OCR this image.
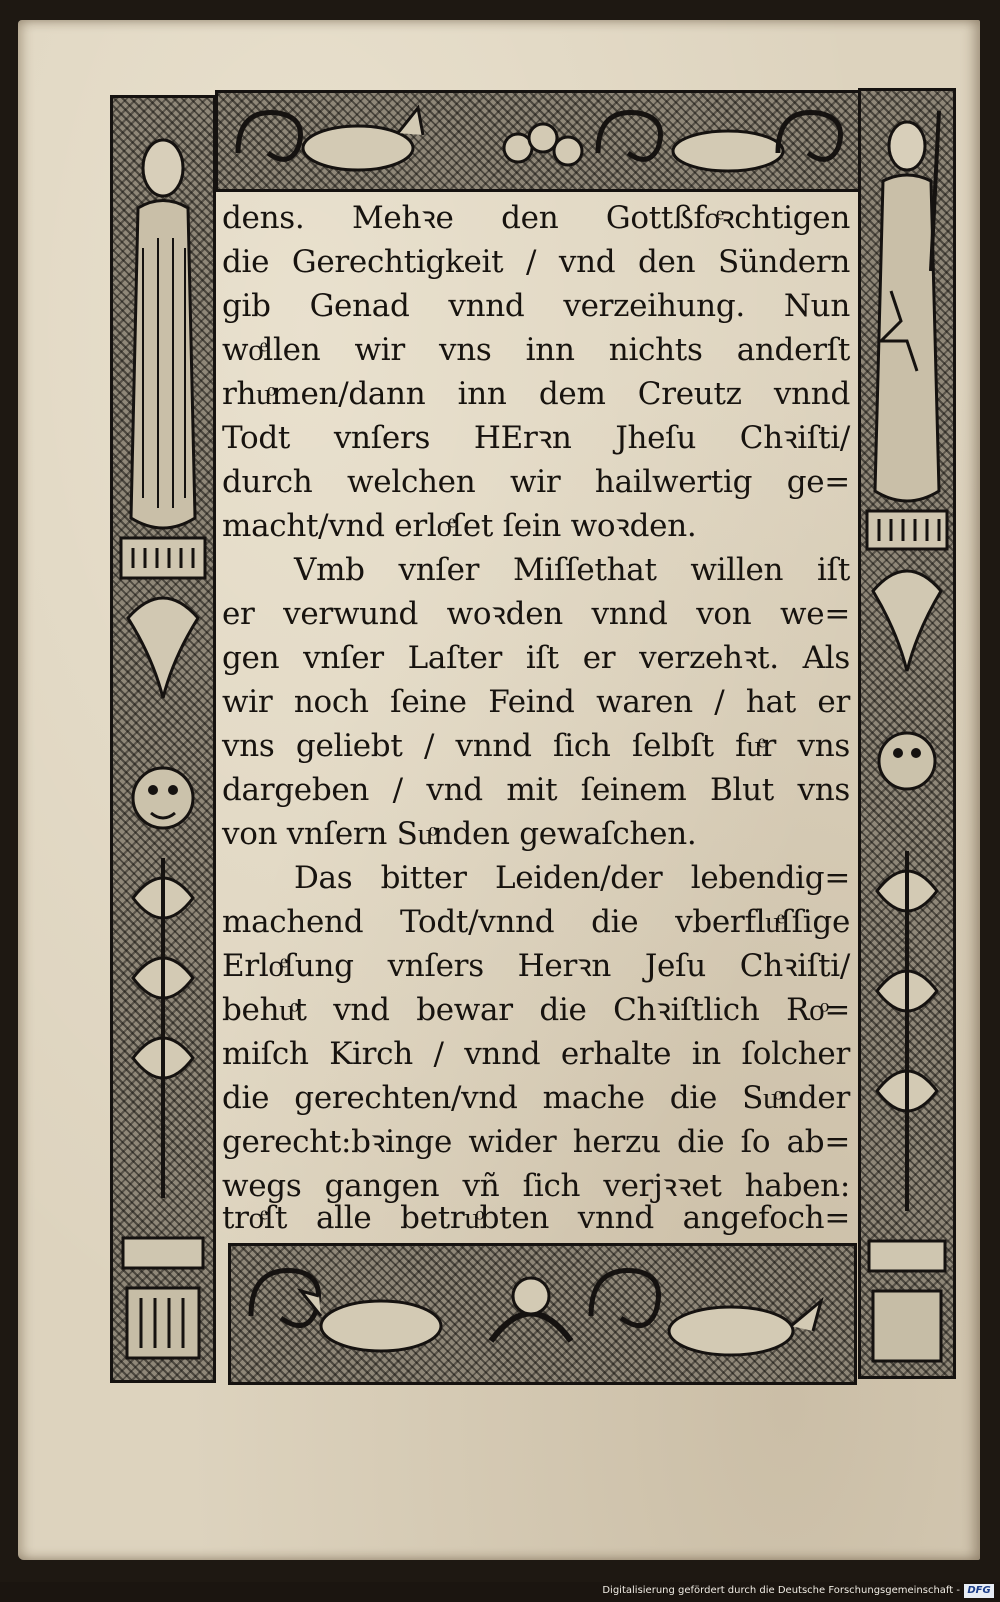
dens. Mehꝛe den Gottßfoͤꝛchtigen
die Gerechtigkeit / vnd den Sündern
gib Genad vnnd verzeihung. Nun
woͤllen wir vns inn nichts anderſt
rhuͦmen/dann inn dem Creutz vnnd
Todt vnſers HErꝛn Jheſu Chꝛiſti/
durch welchen wir hailwertig ge=
macht/vnd erloͤſet ſein woꝛden.
Vmb vnſer Miſſethat willen iſt
er verwund woꝛden vnnd von we=
gen vnſer Laſter iſt er verzehꝛt. Als
wir noch ſeine Feind waren / hat er
vns geliebt / vnnd ſich ſelbſt fuͤr vns
dargeben / vnd mit ſeinem Blut vns
von vnſern Suͦnden gewaſchen.
Das bitter Leiden/der lebendig=
machend Todt/vnnd die vberfluͤſſige
Erloͤſung vnſers Herꝛn Jeſu Chꝛiſti/
behuͦt vnd bewar die Chꝛiſtlich Roͦ=
miſch Kirch / vnnd erhalte in ſolcher
die gerechten/vnd mache die Suͦnder
gerecht:bꝛinge wider herzu die ſo ab=
wegs gangen vñ ſich verjꝛꝛet haben:
troͤſt alle betruͦbten vnnd angefoch=
Digitalisierung gefördert durch die Deutsche Forschungsgemeinschaft - DFG
